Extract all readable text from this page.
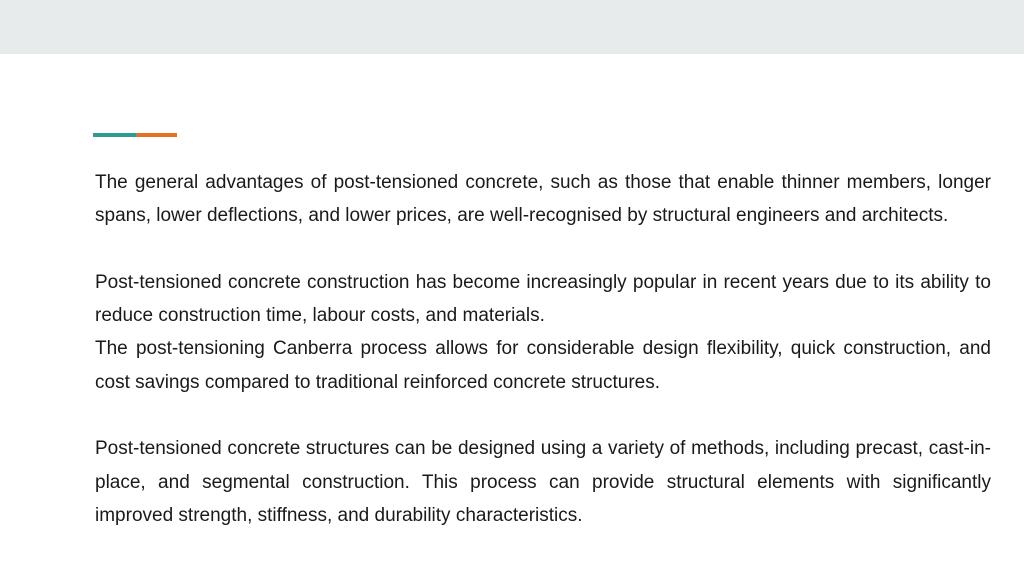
The general advantages of post-tensioned concrete, such as those that enable thinner members, longer spans, lower deflections, and lower prices, are well-recognised by structural engineers and architects.

Post-tensioned concrete construction has become increasingly popular in recent years due to its ability to reduce construction time, labour costs, and materials.

The post-tensioning Canberra process allows for considerable design flexibility, quick construction, and cost savings compared to traditional reinforced concrete structures.

Post-tensioned concrete structures can be designed using a variety of methods, including precast, cast-in-place, and segmental construction. This process can provide structural elements with significantly improved strength, stiffness, and durability characteristics.
